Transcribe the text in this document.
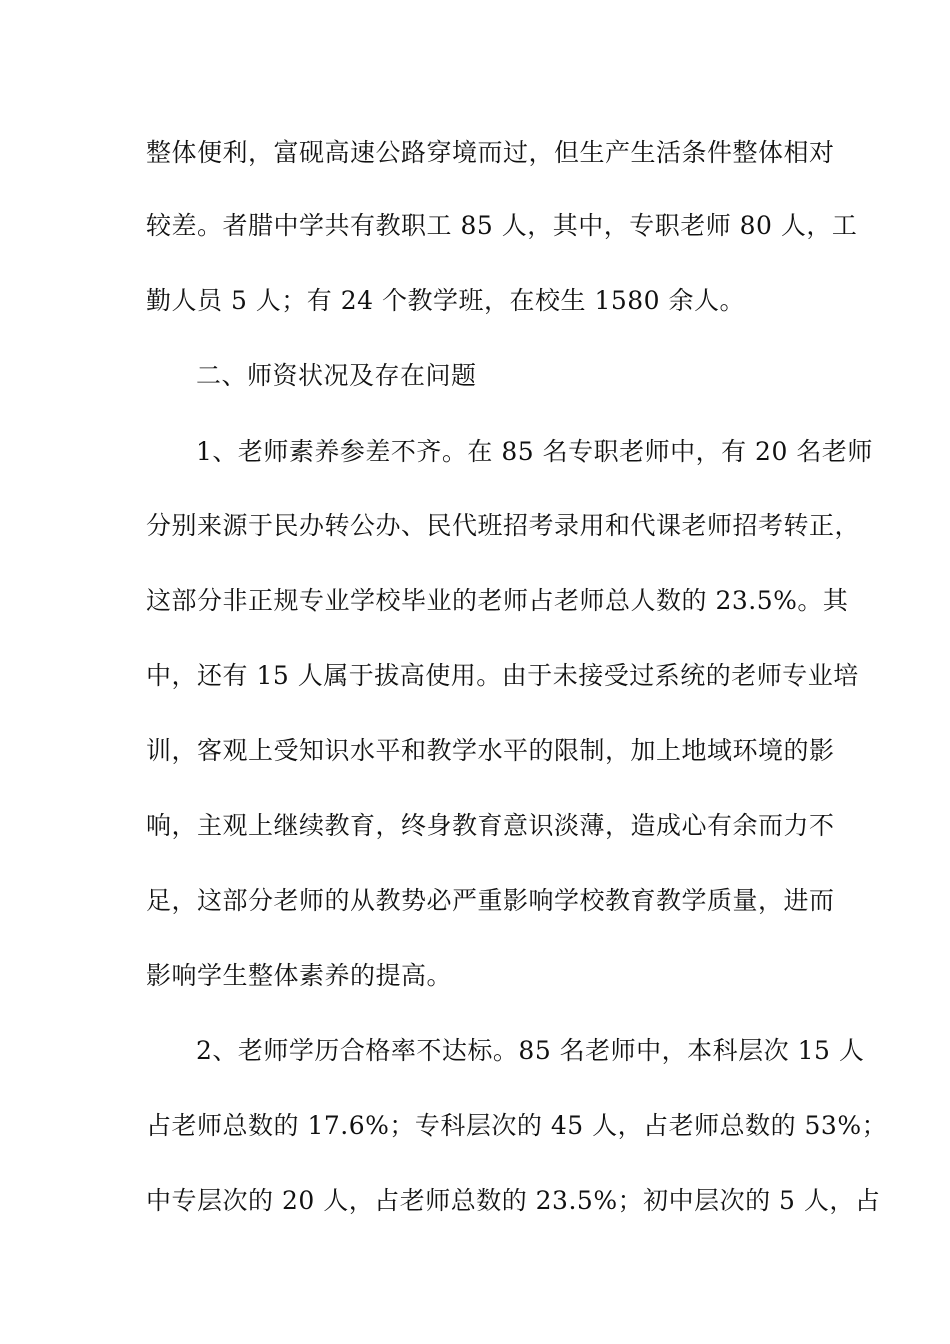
整体便利，富砚高速公路穿境而过，但生产生活条件整体相对
较差。者腊中学共有教职工 85 人，其中，专职老师 80 人，工
勤人员 5 人；有 24 个教学班，在校生 1580 余人。
二、师资状况及存在问题
1、老师素养参差不齐。在 85 名专职老师中，有 20 名老师
分别来源于民办转公办、民代班招考录用和代课老师招考转正，
这部分非正规专业学校毕业的老师占老师总人数的 23.5%。其
中，还有 15 人属于拔高使用。由于未接受过系统的老师专业培
训，客观上受知识水平和教学水平的限制，加上地域环境的影
响，主观上继续教育，终身教育意识淡薄，造成心有余而力不
足，这部分老师的从教势必严重影响学校教育教学质量，进而
影响学生整体素养的提高。
2、老师学历合格率不达标。85 名老师中，本科层次 15 人
占老师总数的 17.6%；专科层次的 45 人，占老师总数的 53%；
中专层次的 20 人，占老师总数的 23.5%；初中层次的 5 人，占
